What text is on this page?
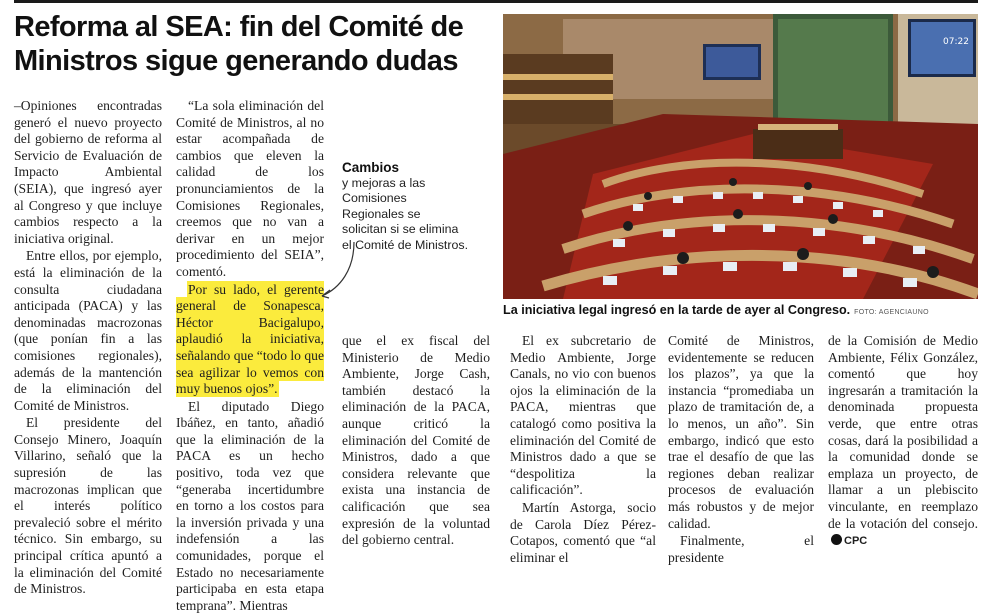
Reforma al SEA: fin del Comité de Ministros sigue generando dudas

–Opiniones encontradas generó el nuevo proyecto del gobierno de reforma al Servicio de Evaluación de Impacto Ambiental (SEIA), que ingresó ayer al Congreso y que incluye cambios respecto a la iniciativa original.

Entre ellos, por ejemplo, está la eliminación de la consulta ciudadana anticipada (PACA) y las denominadas macrozonas (que ponían fin a las comisiones regionales), además de la mantención de la eliminación del Comité de Ministros.

El presidente del Consejo Minero, Joaquín Villarino, señaló que la supresión de las macrozonas implican que el interés político prevaleció sobre el mérito técnico. Sin embargo, su principal crítica apuntó a la eliminación del Comité de Ministros.

“La sola eliminación del Comité de Ministros, al no estar acompañada de cambios que eleven la calidad de los pronunciamientos de la Comisiones Regionales, creemos que no van a derivar en un mejor procedimiento del SEIA”, comentó.

Por su lado, el gerente general de Sonapesca, Héctor Bacigalupo, aplaudió la iniciativa, señalando que “todo lo que sea agilizar lo vemos con muy buenos ojos”.

El diputado Diego Ibáñez, en tanto, añadió que la eliminación de la PACA es un hecho positivo, toda vez que “generaba incertidumbre en torno a los costos para la inversión privada y una indefensión a las comunidades, porque el Estado no necesariamente participaba en esta etapa temprana”. Mientras

Cambios
y mejoras a las Comisiones Regionales se solicitan si se elimina el Comité de Ministros.

que el ex fiscal del Ministerio de Medio Ambiente, Jorge Cash, también destacó la eliminación de la PACA, aunque criticó la eliminación del Comité de Ministros, dado a que considera relevante que exista una instancia de calificación que sea expresión de la voluntad del gobierno central.

07:22
La iniciativa legal ingresó en la tarde de ayer al Congreso. FOTO: AGENCIAUNO

El ex subcretario de Medio Ambiente, Jorge Canals, no vio con buenos ojos la eliminación de la PACA, mientras que catalogó como positiva la eliminación del Comité de Ministros dado a que se “despolitiza la calificación”.

Martín Astorga, socio de Carola Díez Pérez-Cotapos, comentó que “al eliminar el

Comité de Ministros, evidentemente se reducen los plazos”, ya que la instancia “promediaba un plazo de tramitación de, a lo menos, un año”. Sin embargo, indicó que esto trae el desafío de que las regiones deban realizar procesos de evaluación más robustos y de mejor calidad.

Finalmente, el presidente

de la Comisión de Medio Ambiente, Félix González, comentó que hoy ingresarán a tramitación la denominada propuesta verde, que entre otras cosas, dará la posibilidad a la comunidad donde se emplaza un proyecto, de llamar a un plebiscito vinculante, en reemplazo de la votación del consejo.CPC
